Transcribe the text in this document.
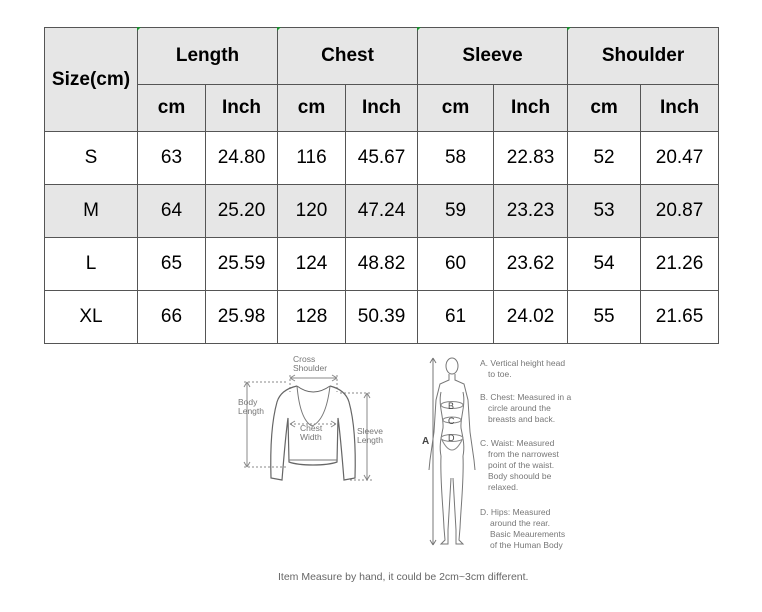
Size(cm)	Length		Chest		Sleeve		Shoulder	
	cm	Inch	cm	Inch	cm	Inch	cm	Inch
S	63	24.80	116	45.67	58	22.83	52	20.47
M	64	25.20	120	47.24	59	23.23	53	20.87
L	65	25.59	124	48.82	60	23.62	54	21.26
XL	66	25.98	128	50.39	61	24.02	55	21.65
Cross
Shoulder
Body
Length
Chest
Width
Sleeve
Length	A
B
C
D
A. Vertical height head
to toe.
B. Chest: Measured in a
circle around the
breasts and back.
C. Waist: Measured
from the narrowest
point of the waist.
Body shoould be
relaxed.
D. Hips: Measured
around the rear.
Basic Meaurements
of the Human Body
Item Measure by hand, it could be 2cm~3cm different.
